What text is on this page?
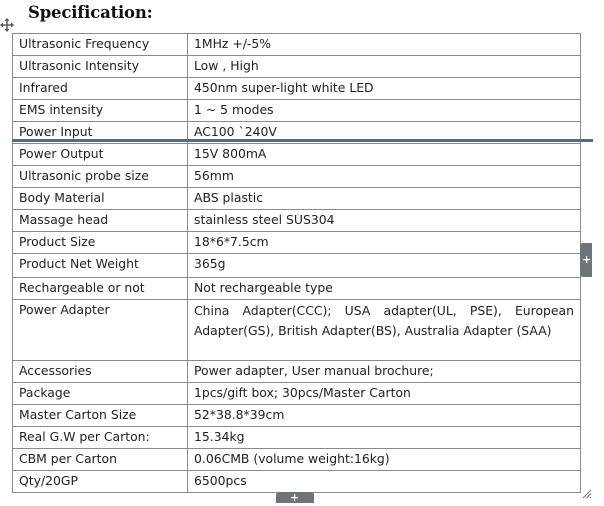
Specification:
Ultrasonic Frequency	1MHz +/-5%
Ultrasonic Intensity	Low , High
Infrared	450nm super-light white LED
EMS intensity	1 ~ 5 modes
Power Input	AC100 `240V
Power Output	15V 800mA
Ultrasonic probe size	56mm
Body Material	ABS plastic
Massage head	stainless steel SUS304
Product Size	18*6*7.5cm
Product Net Weight	365g
Rechargeable or not	Not rechargeable type
Power Adapter	China Adapter(CCC); USA adapter(UL, PSE), European Adapter(GS), British Adapter(BS), Australia Adapter (SAA)
Accessories	Power adapter, User manual brochure;
Package	1pcs/gift box; 30pcs/Master Carton
Master Carton Size	52*38.8*39cm
Real G.W per Carton:	15.34kg
CBM per Carton	0.06CMB (volume weight:16kg)
Qty/20GP	6500pcs
+
+
